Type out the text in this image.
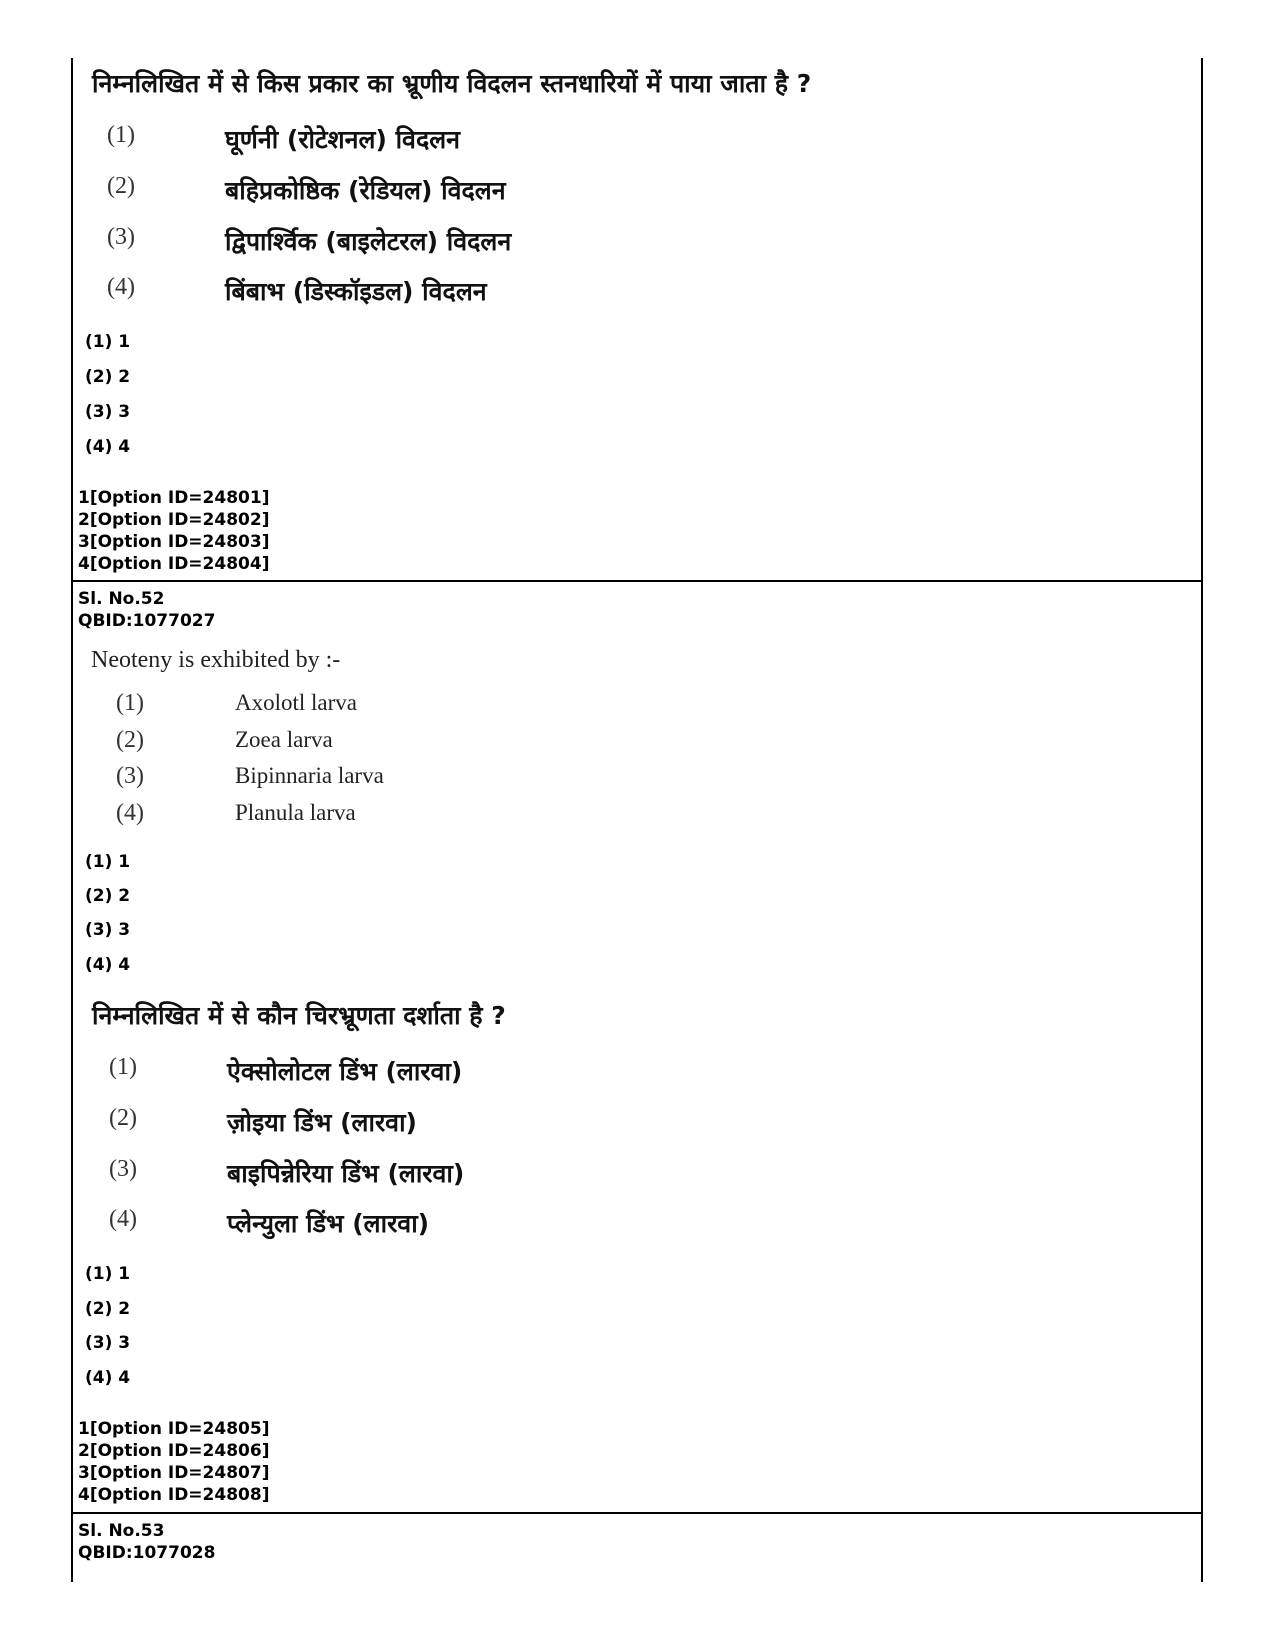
निम्नलिखित में से किस प्रकार का भ्रूणीय विदलन स्तनधारियों में पाया जाता है ?
(1)	घूर्णनी (रोटेशनल) विदलन
(2)	बहिप्रकोष्ठिक (रेडियल) विदलन
(3)	द्विपार्श्विक (बाइलेटरल) विदलन
(4)	बिंबाभ (डिस्कॉइडल) विदलन
(1) 1
(2) 2
(3) 3
(4) 4
1[Option ID=24801]
2[Option ID=24802]
3[Option ID=24803]
4[Option ID=24804]
Sl. No.52
QBID:1077027
Neoteny is exhibited by :-
(1)	Axolotl larva
(2)	Zoea larva
(3)	Bipinnaria larva
(4)	Planula larva
(1) 1
(2) 2
(3) 3
(4) 4
निम्नलिखित में से कौन चिरभ्रूणता दर्शाता है ?
(1)	ऐक्सोलोटल डिंभ (लारवा)
(2)	ज़ोइया डिंभ (लारवा)
(3)	बाइपिन्नेरिया डिंभ (लारवा)
(4)	प्लेन्युला डिंभ (लारवा)
(1) 1
(2) 2
(3) 3
(4) 4
1[Option ID=24805]
2[Option ID=24806]
3[Option ID=24807]
4[Option ID=24808]
Sl. No.53
QBID:1077028
